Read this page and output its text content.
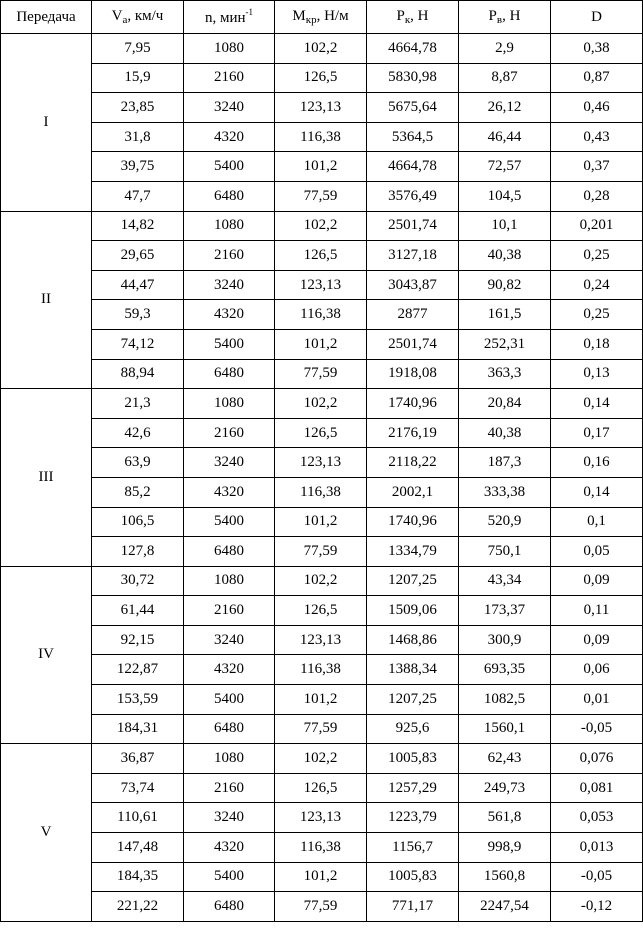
Передача	$V_a$, км/ч	n, мин$^{-1}$	$М_{кр}$, Н/м	$Р_к$, Н	$Р_в$, Н	D
I	7,95	1080	102,2	4664,78	2,9	0,38
	15,9	2160	126,5	5830,98	8,87	0,87
	23,85	3240	123,13	5675,64	26,12	0,46
	31,8	4320	116,38	5364,5	46,44	0,43
	39,75	5400	101,2	4664,78	72,57	0,37
	47,7	6480	77,59	3576,49	104,5	0,28
II	14,82	1080	102,2	2501,74	10,1	0,201
	29,65	2160	126,5	3127,18	40,38	0,25
	44,47	3240	123,13	3043,87	90,82	0,24
	59,3	4320	116,38	2877	161,5	0,25
	74,12	5400	101,2	2501,74	252,31	0,18
	88,94	6480	77,59	1918,08	363,3	0,13
III	21,3	1080	102,2	1740,96	20,84	0,14
	42,6	2160	126,5	2176,19	40,38	0,17
	63,9	3240	123,13	2118,22	187,3	0,16
	85,2	4320	116,38	2002,1	333,38	0,14
	106,5	5400	101,2	1740,96	520,9	0,1
	127,8	6480	77,59	1334,79	750,1	0,05
IV	30,72	1080	102,2	1207,25	43,34	0,09
	61,44	2160	126,5	1509,06	173,37	0,11
	92,15	3240	123,13	1468,86	300,9	0,09
	122,87	4320	116,38	1388,34	693,35	0,06
	153,59	5400	101,2	1207,25	1082,5	0,01
	184,31	6480	77,59	925,6	1560,1	-0,05
V	36,87	1080	102,2	1005,83	62,43	0,076
	73,74	2160	126,5	1257,29	249,73	0,081
	110,61	3240	123,13	1223,79	561,8	0,053
	147,48	4320	116,38	1156,7	998,9	0,013
	184,35	5400	101,2	1005,83	1560,8	-0,05
	221,22	6480	77,59	771,17	2247,54	-0,12
